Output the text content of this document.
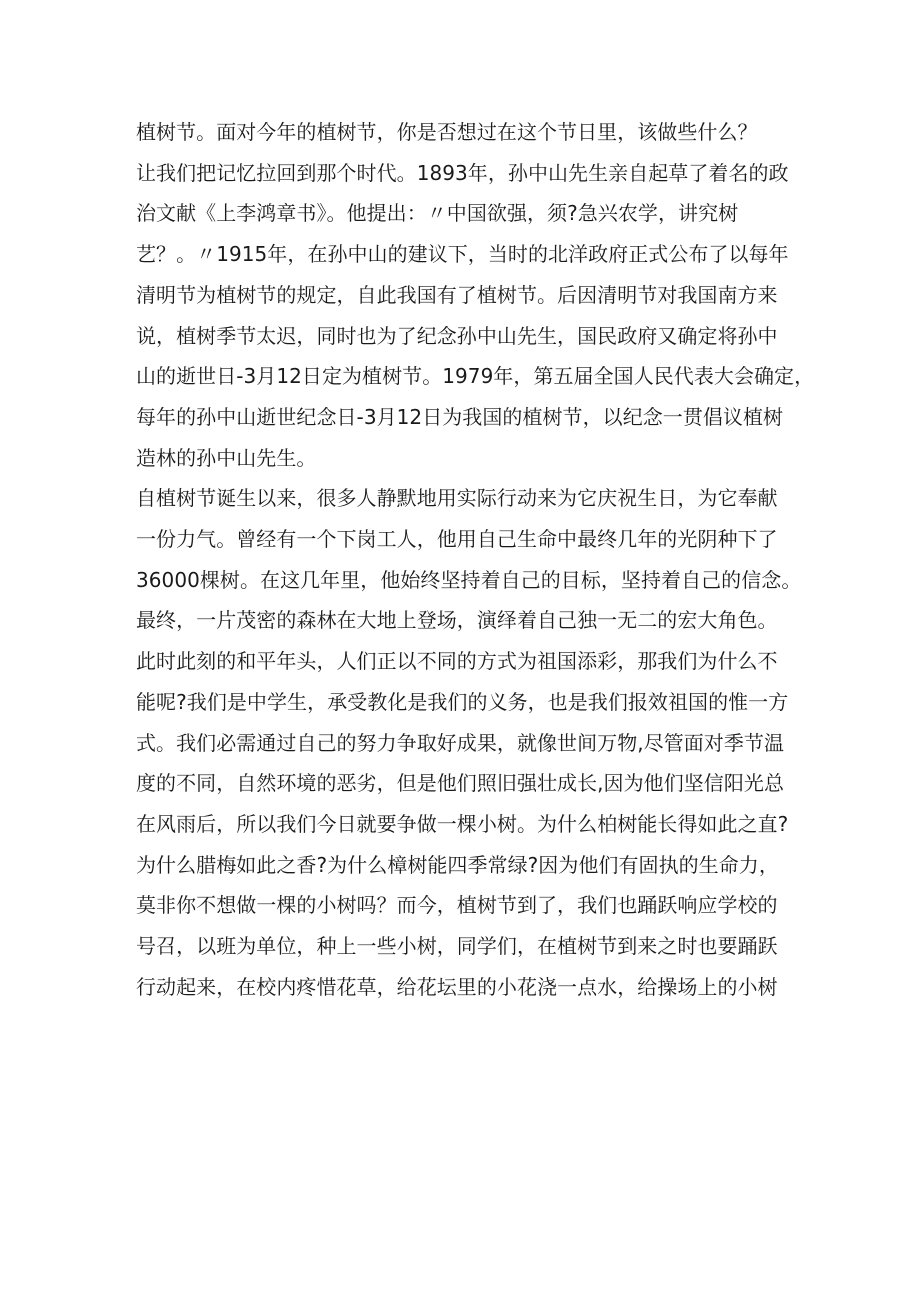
植树节。面对今年的植树节，你是否想过在这个节日里，该做些什么？
让我们把记忆拉回到那个时代。1893年，孙中山先生亲自起草了着名的政
治文献《上李鸿章书》。他提出：〃中国欲强，须?急兴农学，讲究树
艺？。〃1915年，在孙中山的建议下，当时的北洋政府正式公布了以每年
清明节为植树节的规定，自此我国有了植树节。后因清明节对我国南方来
说，植树季节太迟，同时也为了纪念孙中山先生，国民政府又确定将孙中
山的逝世日-3月12日定为植树节。1979年，第五届全国人民代表大会确定，
每年的孙中山逝世纪念日-3月12日为我国的植树节，以纪念一贯倡议植树
造林的孙中山先生。
自植树节诞生以来，很多人静默地用实际行动来为它庆祝生日，为它奉献
一份力气。曾经有一个下岗工人，他用自己生命中最终几年的光阴种下了
36000棵树。在这几年里，他始终坚持着自己的目标，坚持着自己的信念。
最终，一片茂密的森林在大地上登场，演绎着自己独一无二的宏大角色。
此时此刻的和平年头，人们正以不同的方式为祖国添彩，那我们为什么不
能呢?我们是中学生，承受教化是我们的义务，也是我们报效祖国的惟一方
式。我们必需通过自己的努力争取好成果，就像世间万物,尽管面对季节温
度的不同，自然环境的恶劣，但是他们照旧强壮成长,因为他们坚信阳光总
在风雨后，所以我们今日就要争做一棵小树。为什么柏树能长得如此之直?
为什么腊梅如此之香?为什么樟树能四季常绿?因为他们有固执的生命力，
莫非你不想做一棵的小树吗？而今，植树节到了，我们也踊跃响应学校的
号召，以班为单位，种上一些小树，同学们，在植树节到来之时也要踊跃
行动起来，在校内疼惜花草，给花坛里的小花浇一点水，给操场上的小树
